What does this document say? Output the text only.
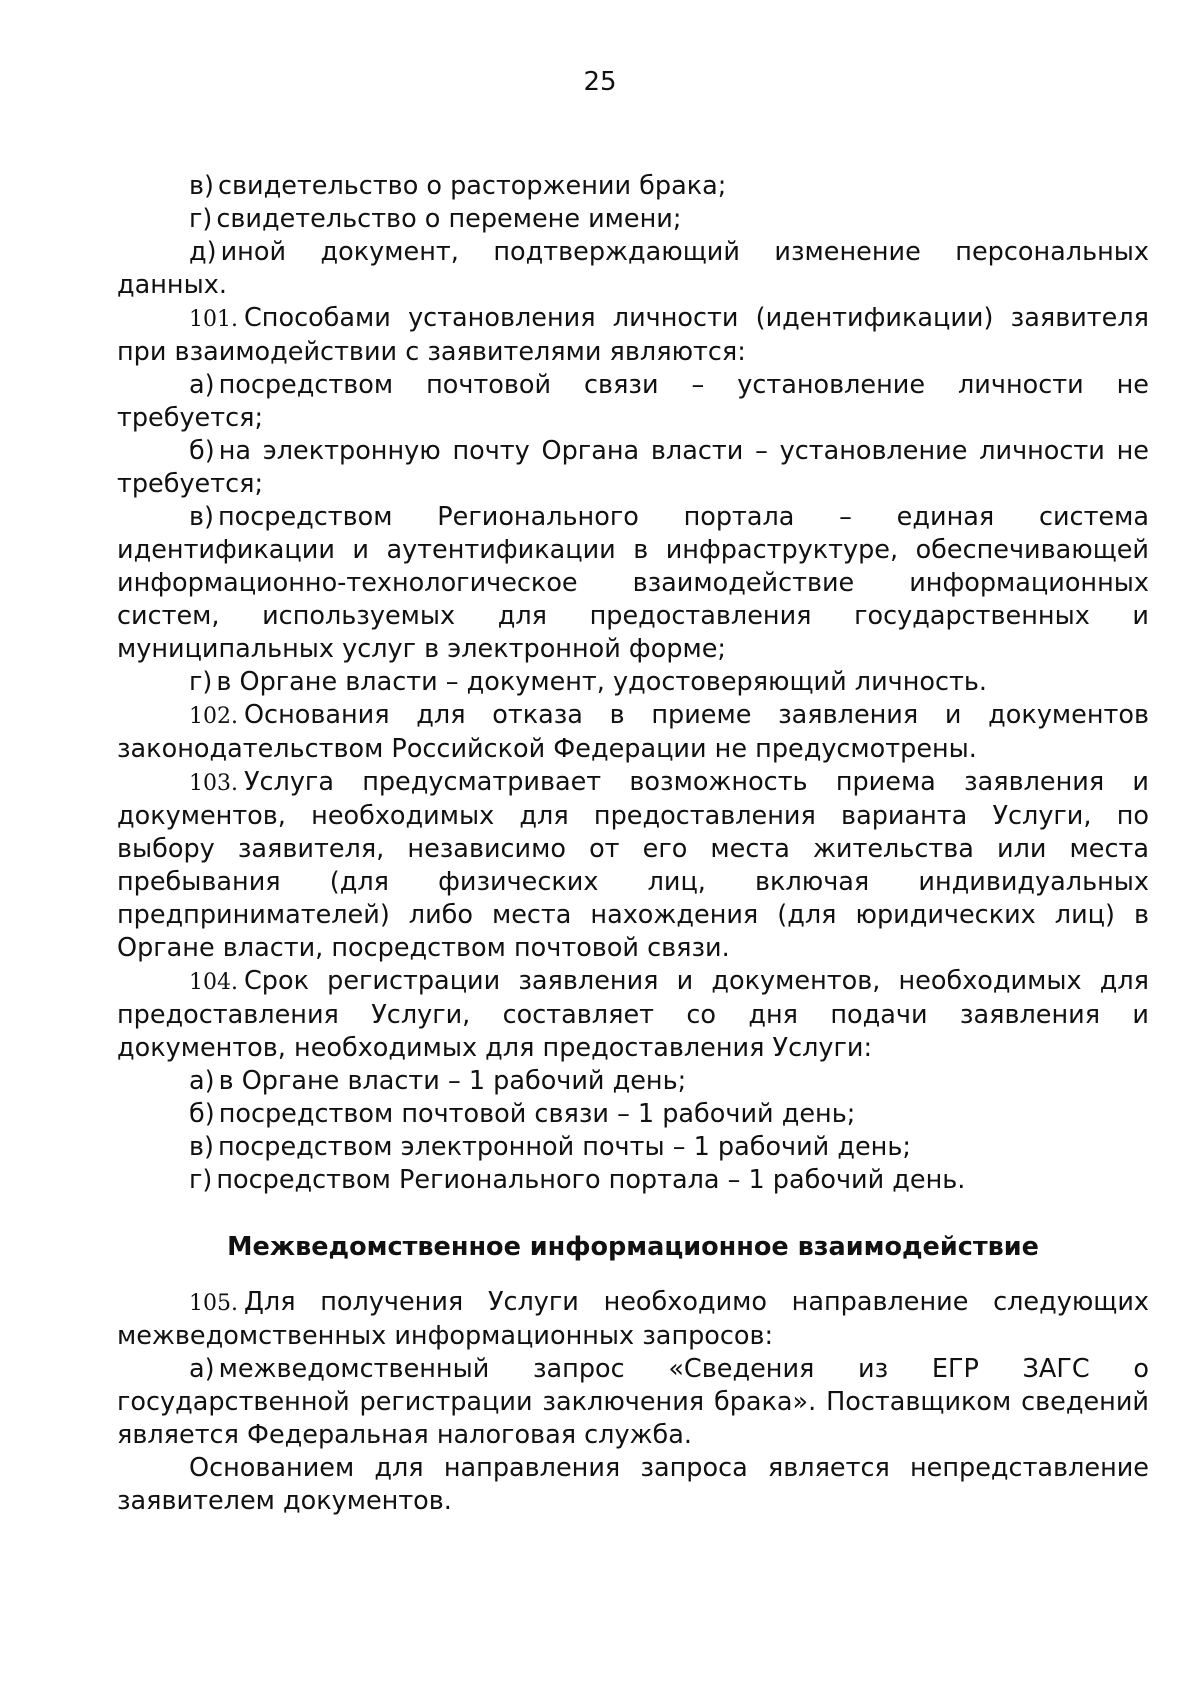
25

в) свидетельство о расторжении брака;

г) свидетельство о перемене имени;

д) иной документ, подтверждающий изменение персональных данных.

101. Способами установления личности (идентификации) заявителя при взаимодействии с заявителями являются:

а) посредством почтовой связи – установление личности не требуется;

б) на электронную почту Органа власти – установление личности не требуется;

в) посредством Регионального портала – единая система идентификации и аутентификации в инфраструктуре, обеспечивающей информационно-технологическое взаимодействие информационных систем, используемых для предоставления государственных и муниципальных услуг в электронной форме;

г) в Органе власти – документ, удостоверяющий личность.

102. Основания для отказа в приеме заявления и документов законодательством Российской Федерации не предусмотрены.

103. Услуга предусматривает возможность приема заявления и документов, необходимых для предоставления варианта Услуги, по выбору заявителя, независимо от его места жительства или места пребывания (для физических лиц, включая индивидуальных предпринимателей) либо места нахождения (для юридических лиц) в Органе власти, посредством почтовой связи.

104. Срок регистрации заявления и документов, необходимых для предоставления Услуги, составляет со дня подачи заявления и документов, необходимых для предоставления Услуги:

а) в Органе власти – 1 рабочий день;

б) посредством почтовой связи – 1 рабочий день;

в) посредством электронной почты – 1 рабочий день;

г) посредством Регионального портала – 1 рабочий день.

Межведомственное информационное взаимодействие

105. Для получения Услуги необходимо направление следующих межведомственных информационных запросов:

а) межведомственный запрос «Сведения из ЕГР ЗАГС о государственной регистрации заключения брака». Поставщиком сведений является Федеральная налоговая служба.

Основанием для направления запроса является непредставление заявителем документов.
